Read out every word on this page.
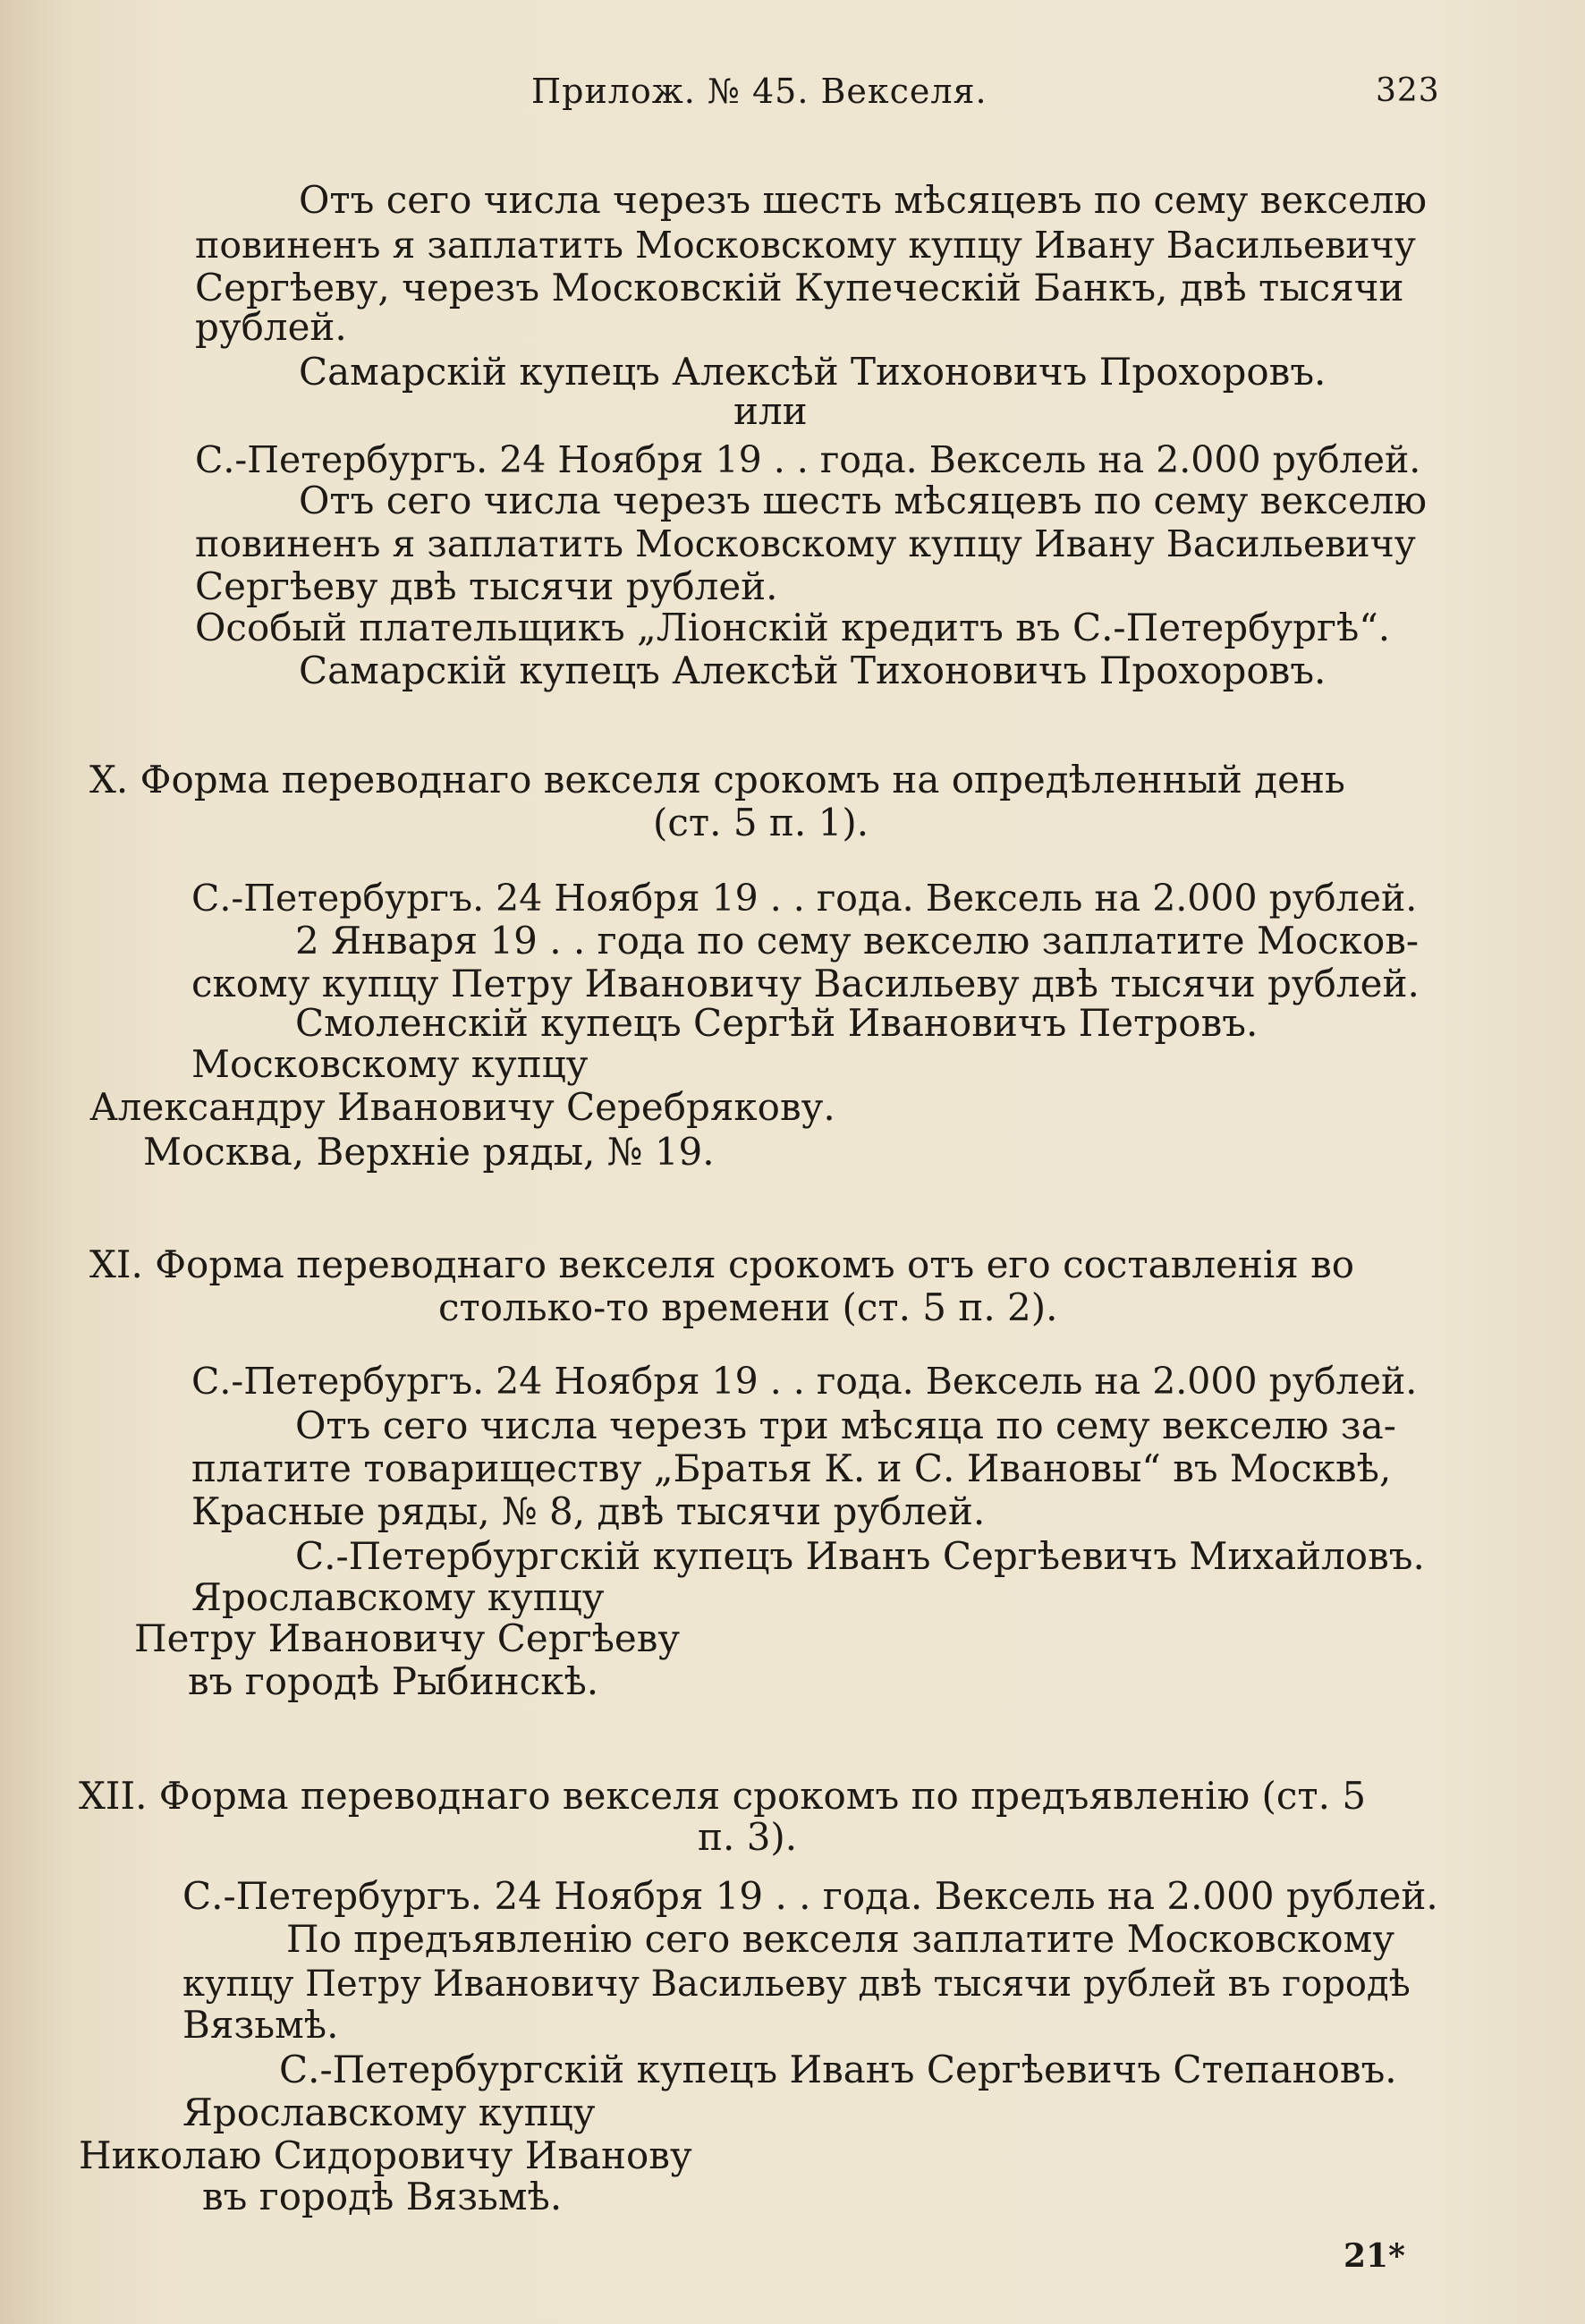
Прилож. № 45. Векселя.	323
Отъ сего числа черезъ шесть мѣсяцевъ по сему векселю
повиненъ я заплатить Московскому купцу Ивану Васильевичу
Сергѣеву, черезъ Московскій Купеческій Банкъ, двѣ тысячи
рублей.
Самарскій купецъ Алексѣй Тихоновичъ Прохоровъ.
или
С.-Петербургъ. 24 Ноября 19 . . года. Вексель на 2.000 рублей.
Отъ сего числа черезъ шесть мѣсяцевъ по сему векселю
повиненъ я заплатить Московскому купцу Ивану Васильевичу
Сергѣеву двѣ тысячи рублей.
Особый плательщикъ „Ліонскій кредитъ въ С.-Петербургѣ“.
Самарскій купецъ Алексѣй Тихоновичъ Прохоровъ.
X. Форма переводнаго векселя срокомъ на опредѣленный день
(ст. 5 п. 1).
С.-Петербургъ. 24 Ноября 19 . . года. Вексель на 2.000 рублей.
2 Января 19 . . года по сему векселю заплатите Москов-
скому купцу Петру Ивановичу Васильеву двѣ тысячи рублей.
Смоленскій купецъ Сергѣй Ивановичъ Петровъ.
Московскому купцу
Александру Ивановичу Серебрякову.
Москва, Верхніе ряды, № 19.
XI. Форма переводнаго векселя срокомъ отъ его составленія во
столько-то времени (ст. 5 п. 2).
С.-Петербургъ. 24 Ноября 19 . . года. Вексель на 2.000 рублей.
Отъ сего числа черезъ три мѣсяца по сему векселю за-
платите товариществу „Братья К. и С. Ивановы“ въ Москвѣ,
Красные ряды, № 8, двѣ тысячи рублей.
С.-Петербургскій купецъ Иванъ Сергѣевичъ Михайловъ.
Ярославскому купцу
Петру Ивановичу Сергѣеву
въ городѣ Рыбинскѣ.
XII. Форма переводнаго векселя срокомъ по предъявленію (ст. 5
п. 3).
С.-Петербургъ. 24 Ноября 19 . . года. Вексель на 2.000 рублей.
По предъявленію сего векселя заплатите Московскому
купцу Петру Ивановичу Васильеву двѣ тысячи рублей въ городѣ
Вязьмѣ.
С.-Петербургскій купецъ Иванъ Сергѣевичъ Степановъ.
Ярославскому купцу
Николаю Сидоровичу Иванову
въ городѣ Вязьмѣ.
21*
